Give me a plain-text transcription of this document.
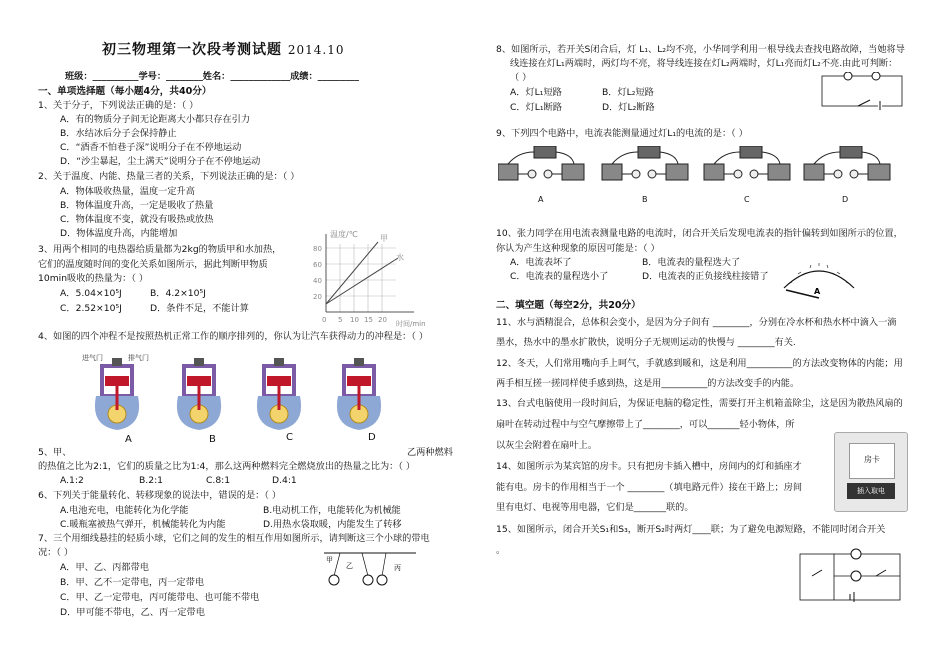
初三物理第一次段考测试题 2014.10
班级：__________学号：________姓名：_____________成绩：_________
一、单项选择题（每小题4分，共40分）
1、关于分子，下列说法正确的是：（ ）
A．有的物质分子间无论距离大小都只存在引力
B．水结冰后分子会保持静止
C．“酒香不怕巷子深”说明分子在不停地运动
D．“沙尘暴起，尘土满天”说明分子在不停地运动
2、关于温度、内能、热量三者的关系，下列说法正确的是：（ ）
A．物体吸收热量，温度一定升高
B．物体温度升高，一定是吸收了热量
C．物体温度不变，就没有吸热或放热
D．物体温度升高，内能增加
3、用两个相同的电热器给质量都为2kg的物质甲和水加热，
它们的温度随时间的变化关系如图所示，据此判断甲物质
10min吸收的热量为：（ ）
A．5.04×10⁵J	B．4.2×10⁵J
C．2.52×10⁵J	D．条件不足，不能计算
温度/℃	甲
水
80
60
40
20
0 5 10 15 20 时间/min
4、如图的四个冲程不是按照热机正常工作的顺序排列的，你认为让汽车获得动力的冲程是：（ ）
进气门	排气门
A	B	C	D
5、甲、	乙两种燃料
的热值之比为2:1，它们的质量之比为1:4，那么这两种燃料完全燃烧放出的热量之比为：（ ）
A.1:2	B.2:1	C.8:1	D.4:1
6、下列关于能量转化、转移现象的说法中，错误的是：（ ）
A.电池充电，电能转化为化学能	B.电动机工作，电能转化为机械能
C.暖瓶塞被热气弹开，机械能转化为内能	D.用热水袋取暖，内能发生了转移
7、三个用细线悬挂的轻质小球，它们之间的发生的相互作用如图所示，请判断这三个小球的带电
况：（ ）
A．甲、乙、丙都带电
B．甲、乙不一定带电，丙一定带电
C．甲、乙一定带电，丙可能带电、也可能不带电
D．甲可能不带电，乙、丙一定带电
甲
乙	丙
8、如图所示，若开关S闭合后，灯 L₁、L₂均不亮，小华同学利用一根导线去查找电路故障，当她将导
线连接在灯L₁两端时，两灯均不亮，将导线连接在灯L₂两端时，灯L₁亮而灯L₂不亮.由此可判断：
（ ）
A．灯L₁短路	B．灯L₂短路
C．灯L₁断路	D．灯L₂断路
9、下列四个电路中，电流表能测量通过灯L₁的电流的是：（ ）
A	B	C	D
10、张力同学在用电流表测量电路的电流时，闭合开关后发现电流表的指针偏转到如图所示的位置，
你认为产生这种现象的原因可能是：（ ）
A．电流表坏了	B．电流表的量程选大了
C．电流表的量程选小了	D．电流表的正负接线柱接错了
A
二、填空题（每空2分，共20分）
11、水与酒精混合，总体积会变小，是因为分子间有 ________，分别在冷水杯和热水杯中滴入一滴
墨水，热水中的墨水扩散快，说明分子无规则运动的快慢与 ________有关.
12、冬天，人们常用嘴向手上呵气，手就感到暖和，这是利用__________的方法改变物体的内能；用
两手相互搓一搓同样使手感到热，这是用__________的方法改变手的内能。
13、台式电脑使用一段时间后，为保证电脑的稳定性，需要打开主机箱盖除尘，这是因为散热风扇的
扇叶在转动过程中与空气摩擦带上了________，可以_______轻小物体，所
以灰尘会附着在扇叶上。
14、如图所示为某宾馆的房卡。只有把房卡插入槽中，房间内的灯和插座才
能有电。房卡的作用相当于一个 ________（填电路元件）接在干路上；房间
里有电灯、电视等用电器，它们是_______联的。
房卡
插入取电
15、如图所示，闭合开关S₁和S₃，断开S₂时两灯____联；为了避免电源短路，不能同时闭合开关
。
